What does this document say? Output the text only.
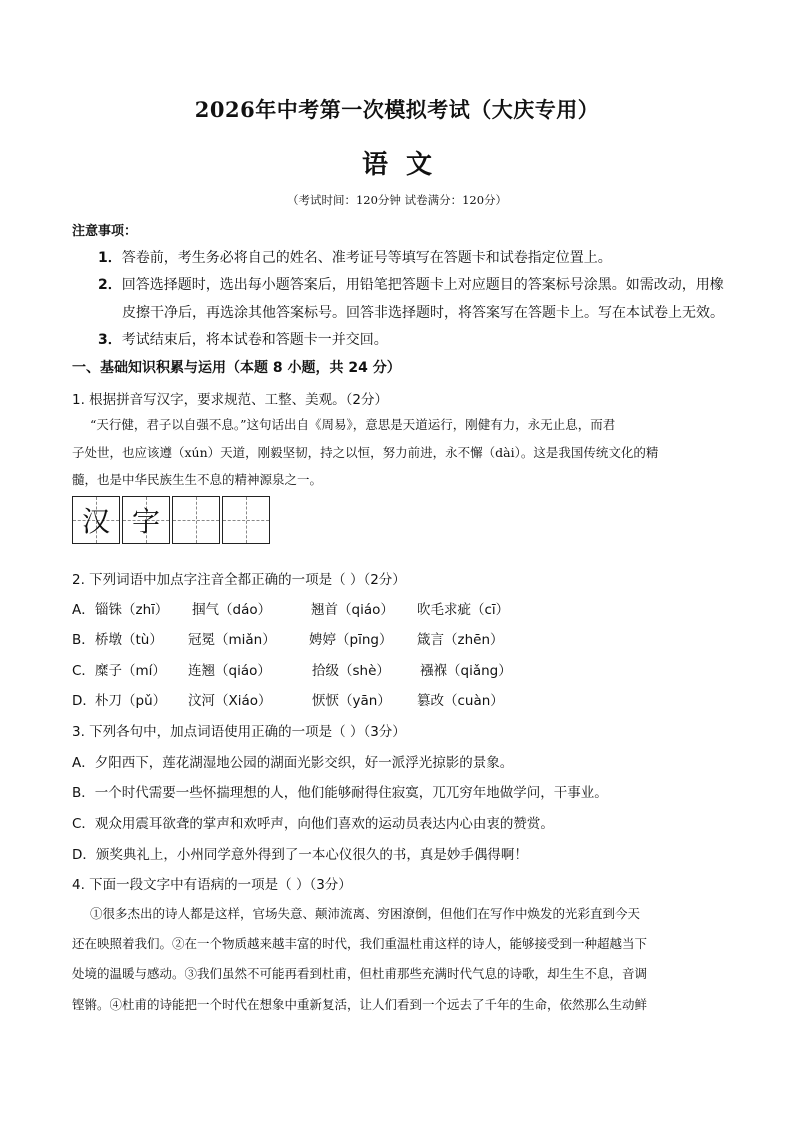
2026年中考第一次模拟考试（大庆专用）
语文
（考试时间：120分钟 试卷满分：120分）
注意事项：
1．答卷前，考生务必将自己的姓名、准考证号等填写在答题卡和试卷指定位置上。
2．回答选择题时，选出每小题答案后，用铅笔把答题卡上对应题目的答案标号涂黑。如需改动，用橡
皮擦干净后，再选涂其他答案标号。回答非选择题时，将答案写在答题卡上。写在本试卷上无效。
3．考试结束后，将本试卷和答题卡一并交回。
一、基础知识积累与运用（本题 8 小题，共 24 分）
1. 根据拼音写汉字，要求规范、工整、美观。（2分）
“天行健，君子以自强不息。”这句话出自《周易》，意思是天道运行，刚健有力，永无止息，而君
子处世，也应该遵（xún）天道，刚毅坚韧，持之以恒，努力前进，永不懈（dài）。这是我国传统文化的精
髓，也是中华民族生生不息的精神源泉之一。
汉 字
2. 下列词语中加点字注音全都正确的一项是（ ）（2分）
A． 锱铢（zhī） 掴气（dáo）	翘首（qiáo） 吹毛求疵（cī）
B． 桥墩（tù） 冠冕（miǎn） 娉婷（pīng） 箴言（zhēn）
C． 糜子（mí） 连翘（qiáo）	拾级（shè） 襁褓（qiǎng）
D． 朴刀（pǔ） 汶河（Xiáo）	恹恹（yān） 篡改（cuàn）
3. 下列各句中，加点词语使用正确的一项是（ ）（3分）
A．夕阳西下，莲花湖湿地公园的湖面光影交织，好一派浮光掠影的景象。
B．一个时代需要一些怀揣理想的人，他们能够耐得住寂寞，兀兀穷年地做学问，干事业。
C．观众用震耳欲聋的掌声和欢呼声，向他们喜欢的运动员表达内心由衷的赞赏。
D．颁奖典礼上，小州同学意外得到了一本心仪很久的书，真是妙手偶得啊！
4. 下面一段文字中有语病的一项是（ ）（3分）
①很多杰出的诗人都是这样，官场失意、颠沛流离、穷困潦倒，但他们在写作中焕发的光彩直到今天
还在映照着我们。②在一个物质越来越丰富的时代，我们重温杜甫这样的诗人，能够接受到一种超越当下
处境的温暖与感动。③我们虽然不可能再看到杜甫，但杜甫那些充满时代气息的诗歌，却生生不息，音调
铿锵。④杜甫的诗能把一个时代在想象中重新复活，让人们看到一个远去了千年的生命，依然那么生动鲜
